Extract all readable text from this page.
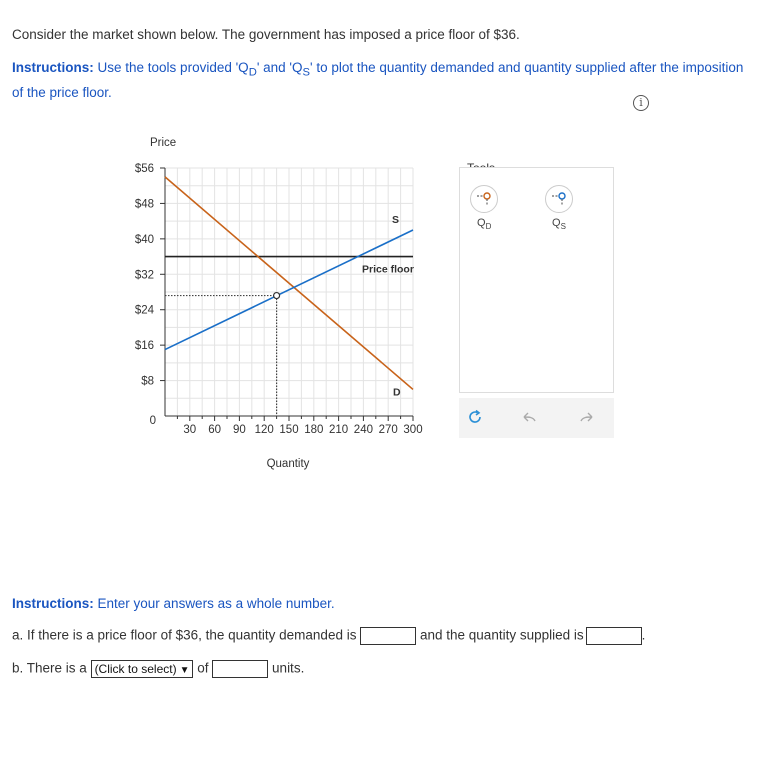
Consider the market shown below. The government has imposed a price floor of $36.
Instructions: Use the tools provided '$Q_D$' and '$Q_S$' to plot the quantity demanded and quantity supplied after the imposition of the price floor.
i
$56
$48
$40
$32
$24
$16
$8
30 60 90 120 150 180 210 240 270 300
0
Price
Quantity
Price floor
D
S	$Q_D$	$Q_S$
Instructions: Enter your answers as a whole number.
a. If there is a price floor of $36, the quantity demanded is	and the quantity supplied is	.
b. There is a (Click to select) ▼ of	units.
